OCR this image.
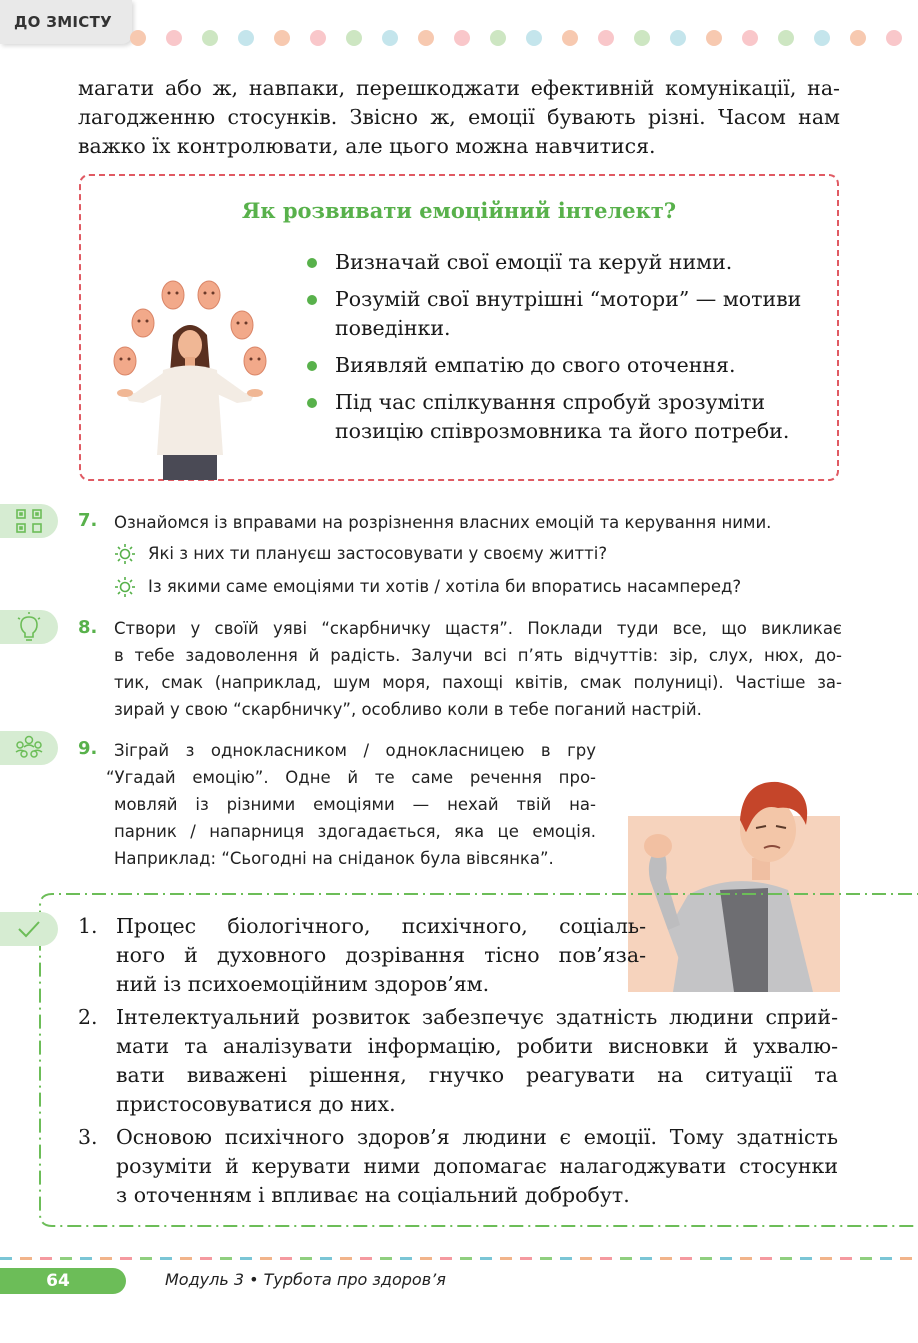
ДО ЗМІСТУ

магати або ж, навпаки, перешкоджати ефективній комунікації, на-

лагодженню стосунків. Звісно ж, емоції бувають різні. Часом нам

важко їх контролювати, але цього можна навчитися.

Як розвивати емоційний інтелект?
Визначай свої емоції та керуй ними.
Розумій свої внутрішні “мотори” — мотиви поведінки.
Виявляй емпатію до свого оточення.
Під час спілкування спробуй зрозуміти позицію співрозмовника та його потреби.
7. Ознайомся із вправами на розрізнення власних емоцій та керування ними.
Які з них ти плануєш застосовувати у своєму житті?
Із якими саме емоціями ти хотів / хотіла би впоратись насамперед?
8. Створи у своїй уяві “скарбничку щастя”. Поклади туди все, що викликає
в тебе задоволення й радість. Залучи всі п’ять відчуттів: зір, слух, нюх, до-
тик, смак (наприклад, шум моря, пахощі квітів, смак полуниці). Частіше за-
зирай у свою “скарбничку”, особливо коли в тебе поганий настрій.
9. Зіграй з однокласником / однокласницею в гру
“Угадай емоцію”. Одне й те саме речення про-
мовляй із різними емоціями — нехай твій на-
парник / напарниця здогадається, яка це емоція.
Наприклад: “Сьогодні на сніданок була вівсянка”.
1. Процес біологічного, психічного, соціаль-
ного й духовного дозрівання тісно пов’яза-
ний із психоемоційним здоров’ям.
2. Інтелектуальний розвиток забезпечує здатність людини сприй-
мати та аналізувати інформацію, робити висновки й ухвалю-
вати виважені рішення, гнучко реагувати на ситуації та
пристосовуватися до них.
3. Основою психічного здоров’я людини є емоції. Тому здатність
розуміти й керувати ними допомагає налагоджувати стосунки
з оточенням і впливає на соціальний добробут.
64	Модуль 3 • Турбота про здоров’я
